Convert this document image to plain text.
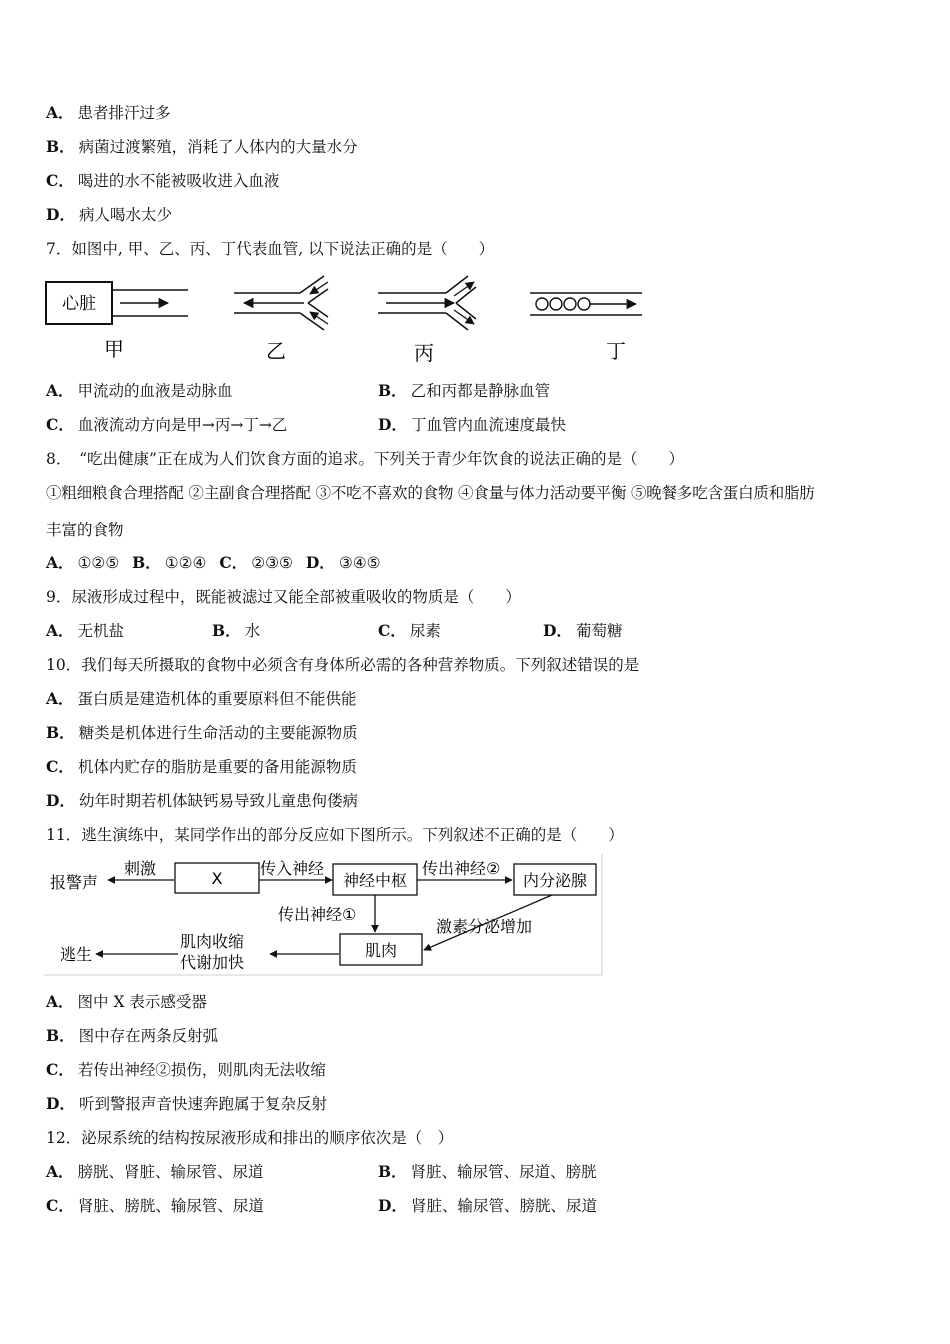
A． 患者排汗过多
B． 病菌过渡繁殖，消耗了人体内的大量水分
C． 喝进的水不能被吸收进入血液
D． 病人喝水太少
7．如图中, 甲、乙、丙、丁代表血管, 以下说法正确的是（　　）
心脏
甲	乙	丙	丁
A． 甲流动的血液是动脉血	B． 乙和丙都是静脉血管
C． 血液流动方向是甲→丙→丁→乙	D． 丁血管内血流速度最快
8．　“吃出健康”正在成为人们饮食方面的追求。下列关于青少年饮食的说法正确的是（　　）
①粗细粮食合理搭配 ②主副食合理搭配 ③不吃不喜欢的食物 ④食量与体力活动要平衡 ⑤晚餐多吃含蛋白质和脂肪
丰富的食物
A． ①②⑤ B． ①②④ C． ②③⑤ D． ③④⑤
9．尿液形成过程中，既能被滤过又能全部被重吸收的物质是（　　）
A． 无机盐	B． 水	C． 尿素	D． 葡萄糖
10．我们每天所摄取的食物中必须含有身体所必需的各种营养物质。下列叙述错误的是
A． 蛋白质是建造机体的重要原料但不能供能
B． 糖类是机体进行生命活动的主要能源物质
C． 机体内贮存的脂肪是重要的备用能源物质
D． 幼年时期若机体缺钙易导致儿童患佝偻病
11．逃生演练中，某同学作出的部分反应如下图所示。下列叙述不正确的是（　　）
报警声
刺激
X
传入神经
神经中枢
传出神经②
内分泌腺
传出神经①
激素分泌增加
肌肉
肌肉收缩
代谢加快
逃生
A． 图中 X 表示感受器
B． 图中存在两条反射弧
C． 若传出神经②损伤，则肌肉无法收缩
D． 听到警报声音快速奔跑属于复杂反射
12．泌尿系统的结构按尿液形成和排出的顺序依次是（　）
A． 膀胱、肾脏、输尿管、尿道	B． 肾脏、输尿管、尿道、膀胱
C． 肾脏、膀胱、输尿管、尿道	D． 肾脏、输尿管、膀胱、尿道
